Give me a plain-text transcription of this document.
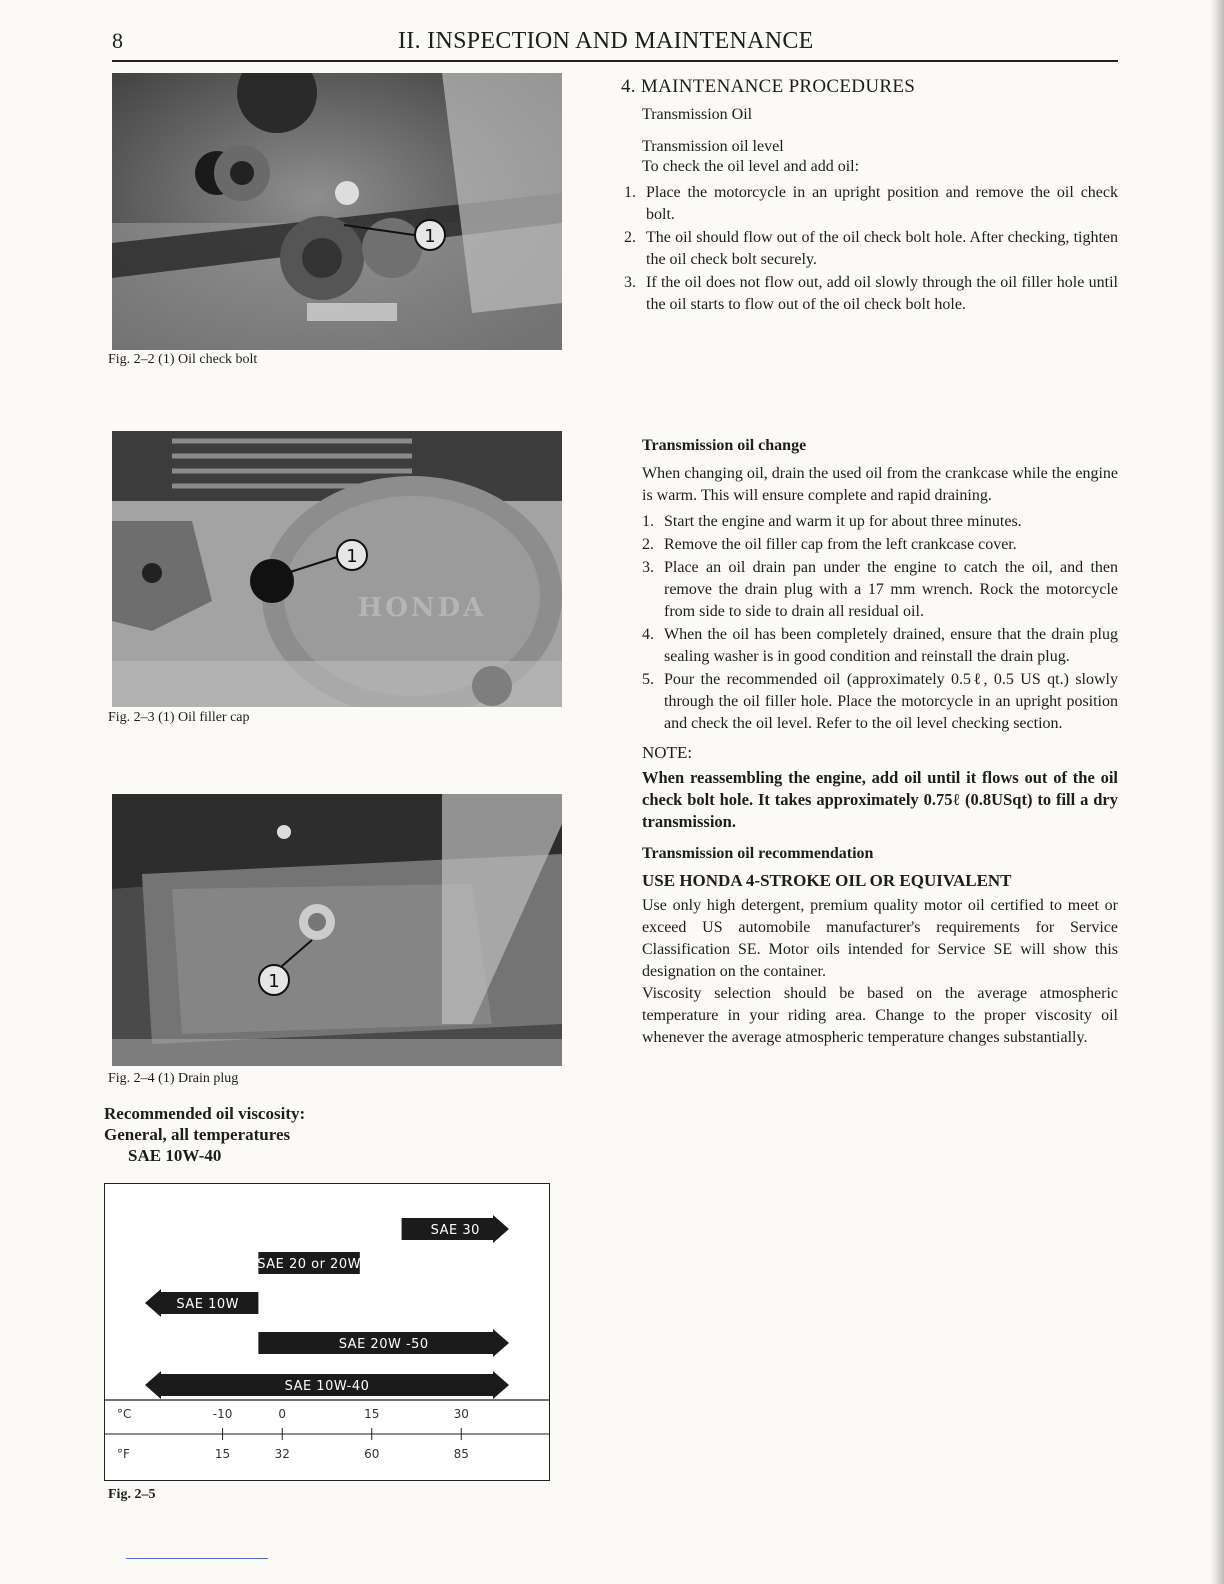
8	II. INSPECTION AND MAINTENANCE
1
Fig. 2–2 (1) Oil check bolt
HONDA
1
Fig. 2–3 (1) Oil filler cap
1
Fig. 2–4 (1) Drain plug
Recommended oil viscosity:
General, all temperatures
SAE 10W-40
°C
°F
SAE 30
SAE 20 or 20W
SAE 10W
SAE 20W -50
SAE 10W-40
-10
15
0
32
15
60
30
85
Fig. 2–5
4. MAINTENANCE PROCEDURES
Transmission Oil
Transmission oil level
To check the oil level and add oil:
1. Place the motorcycle in an upright position and remove the oil check bolt.
2. The oil should flow out of the oil check bolt hole. After checking, tighten the oil check bolt securely.
3. If the oil does not flow out, add oil slowly through the oil filler hole until the oil starts to flow out of the oil check bolt hole.
Transmission oil change
When changing oil, drain the used oil from the crankcase while the engine is warm. This will ensure complete and rapid draining.
1. Start the engine and warm it up for about three minutes.
2. Remove the oil filler cap from the left crankcase cover.
3. Place an oil drain pan under the engine to catch the oil, and then remove the drain plug with a 17 mm wrench. Rock the motorcycle from side to side to drain all residual oil.
4. When the oil has been completely drained, ensure that the drain plug sealing washer is in good condition and reinstall the drain plug.
5. Pour the recommended oil (approximately 0.5ℓ, 0.5 US qt.) slowly through the oil filler hole. Place the motorcycle in an upright position and check the oil level. Refer to the oil level checking section.
NOTE:
When reassembling the engine, add oil until it flows out of the oil check bolt hole. It takes approximately 0.75ℓ (0.8USqt) to fill a dry transmission.
Transmission oil recommendation
USE HONDA 4-STROKE OIL OR EQUIVALENT
Use only high detergent, premium quality motor oil certified to meet or exceed US automobile manufacturer's requirements for Service Classification SE. Motor oils intended for Service SE will show this designation on the container.
Viscosity selection should be based on the average atmospheric temperature in your riding area. Change to the proper viscosity oil whenever the average atmospheric temperature changes substantially.
